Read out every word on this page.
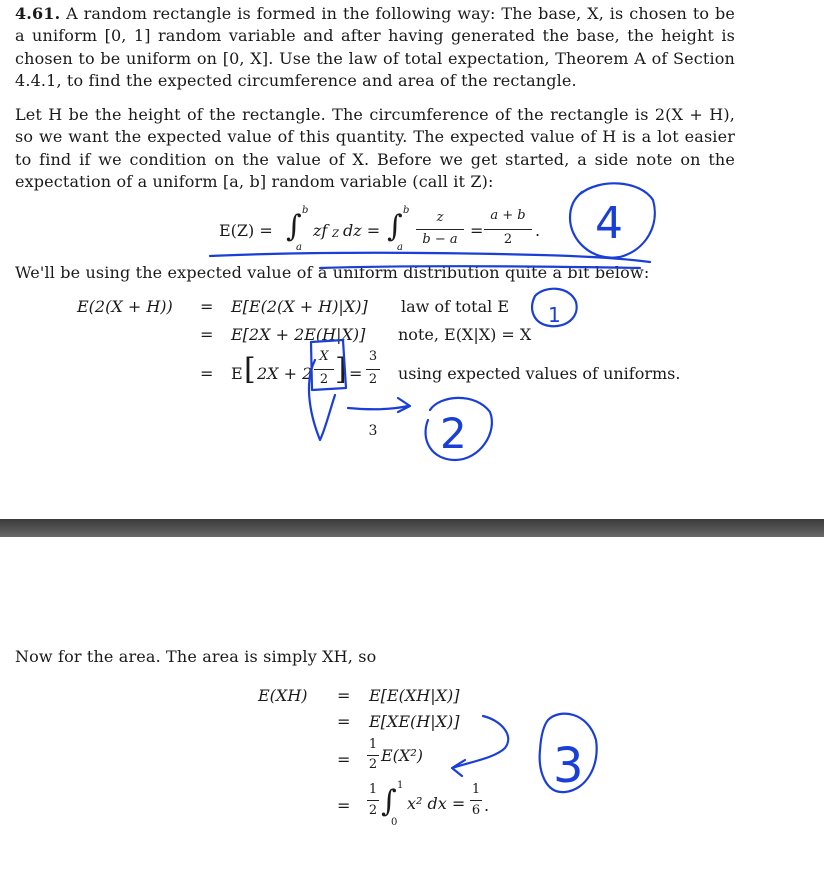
4.61. A random rectangle is formed in the following way: The base, X, is chosen to be a uniform [0, 1] random variable and after having generated the base, the height is chosen to be uniform on [0, X]. Use the law of total expectation, Theorem A of Section 4.4.1, to find the expected circumference and area of the rectangle.
Let H be the height of the rectangle. The circumference of the rectangle is 2(X + H), so we want the expected value of this quantity. The expected value of H is a lot easier to find if we condition on the value of X. Before we get started, a side note on the expectation of a uniform [a, b] random variable (call it Z):
E(Z) = ∫ b
a
zf Z dz = ∫ b
a
z
b − a =
a + b
2	.
We'll be using the expected value of a uniform distribution quite a bit below:
E(2(X + H)) = E[E(2(X + H)|X)] law of total E
= E[2X + 2E(H|X)] note, E(X|X) = X
= E [ 2X + 2
X
2 ] =
3
2 using expected values of uniforms.
3
Now for the area. The area is simply XH, so
E(XH) = E[E(XH|X)]
= E[XE(H|X)]
=
1
2 E(X²)
=
1
2 ∫ 1
0
x² dx =
1
6 .
4
1
2
3
